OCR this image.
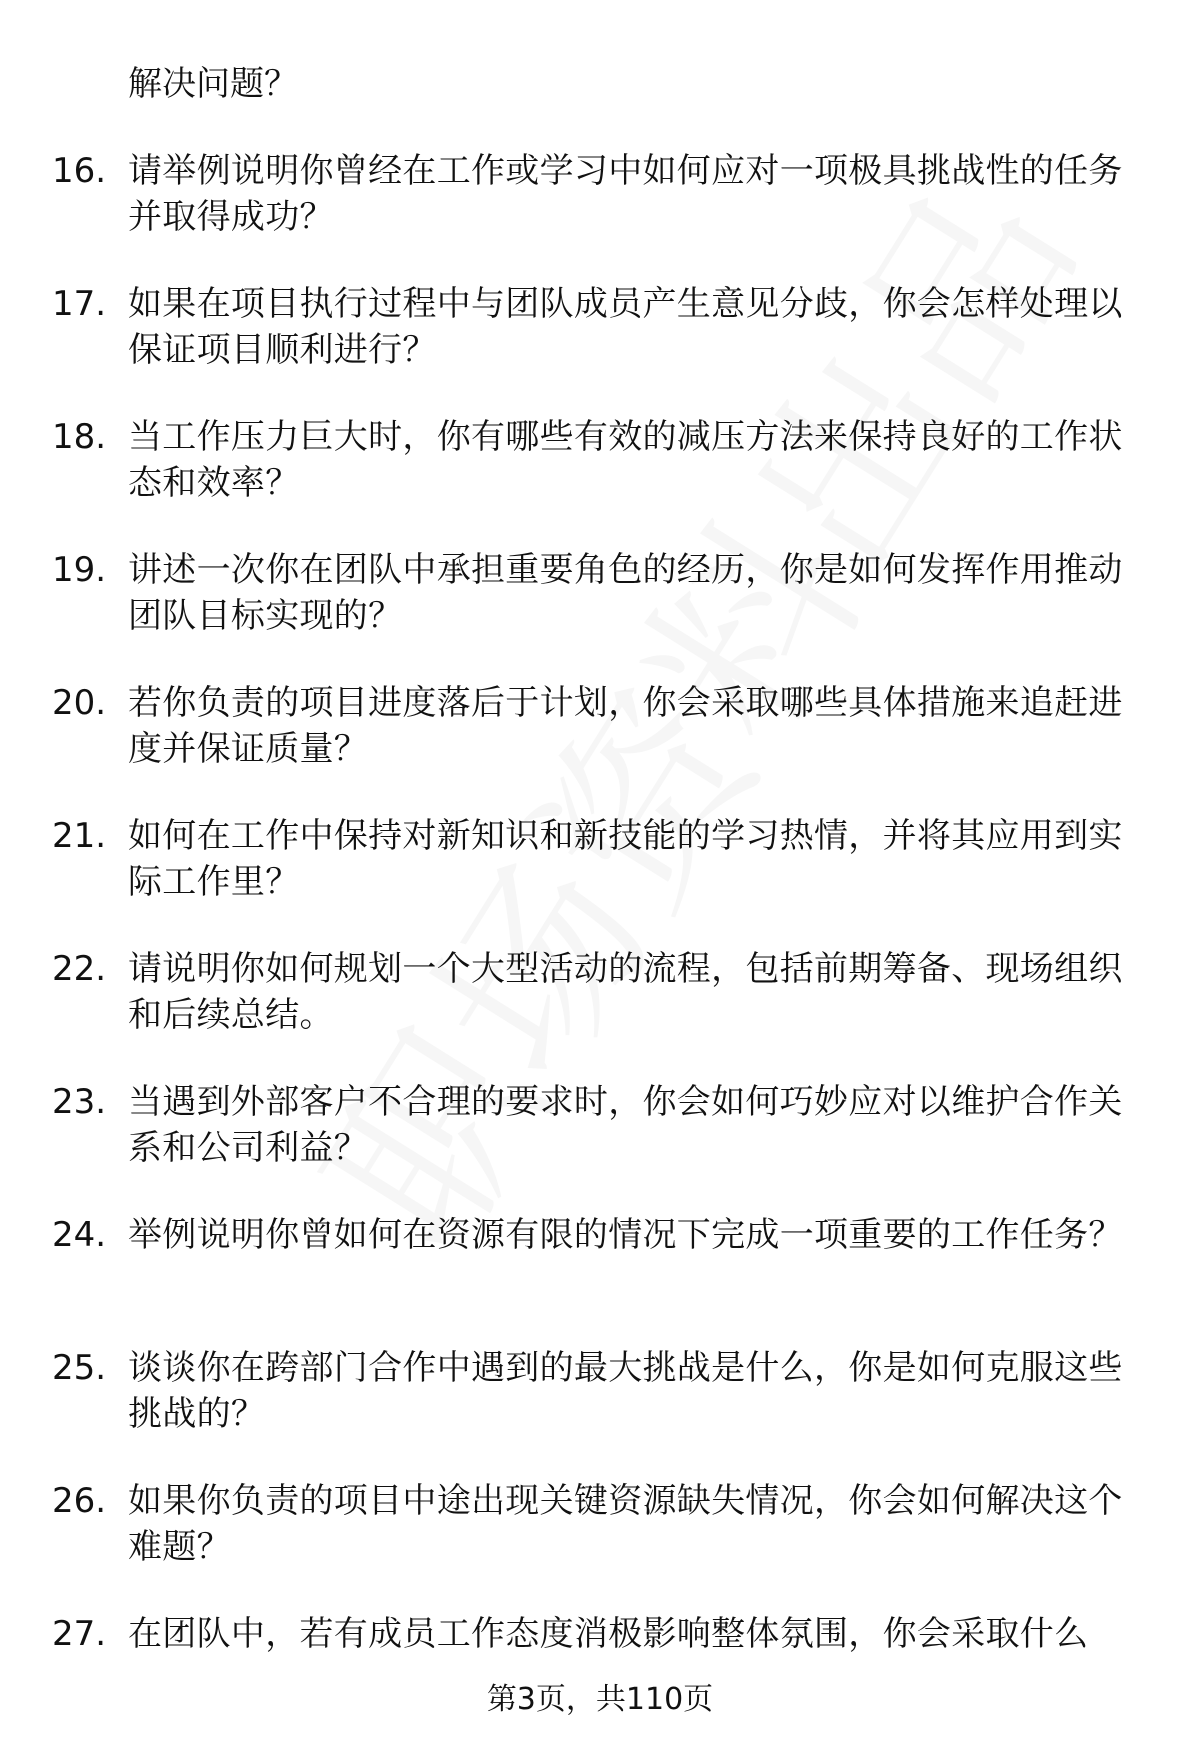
解决问题？
16. 请举例说明你曾经在工作或学习中如何应对一项极具挑战性的任务并取得成功？
17. 如果在项目执行过程中与团队成员产生意见分歧，你会怎样处理以保证项目顺利进行？
18. 当工作压力巨大时，你有哪些有效的减压方法来保持良好的工作状态和效率？
19. 讲述一次你在团队中承担重要角色的经历，你是如何发挥作用推动团队目标实现的？
20. 若你负责的项目进度落后于计划，你会采取哪些具体措施来追赶进度并保证质量？
21. 如何在工作中保持对新知识和新技能的学习热情，并将其应用到实际工作里？
22. 请说明你如何规划一个大型活动的流程，包括前期筹备、现场组织和后续总结。
23. 当遇到外部客户不合理的要求时，你会如何巧妙应对以维护合作关系和公司利益？
24. 举例说明你曾如何在资源有限的情况下完成一项重要的工作任务？
25. 谈谈你在跨部门合作中遇到的最大挑战是什么，你是如何克服这些挑战的？
26. 如果你负责的项目中途出现关键资源缺失情况，你会如何解决这个难题？
27. 在团队中，若有成员工作态度消极影响整体氛围，你会采取什么
第3页，共110页
